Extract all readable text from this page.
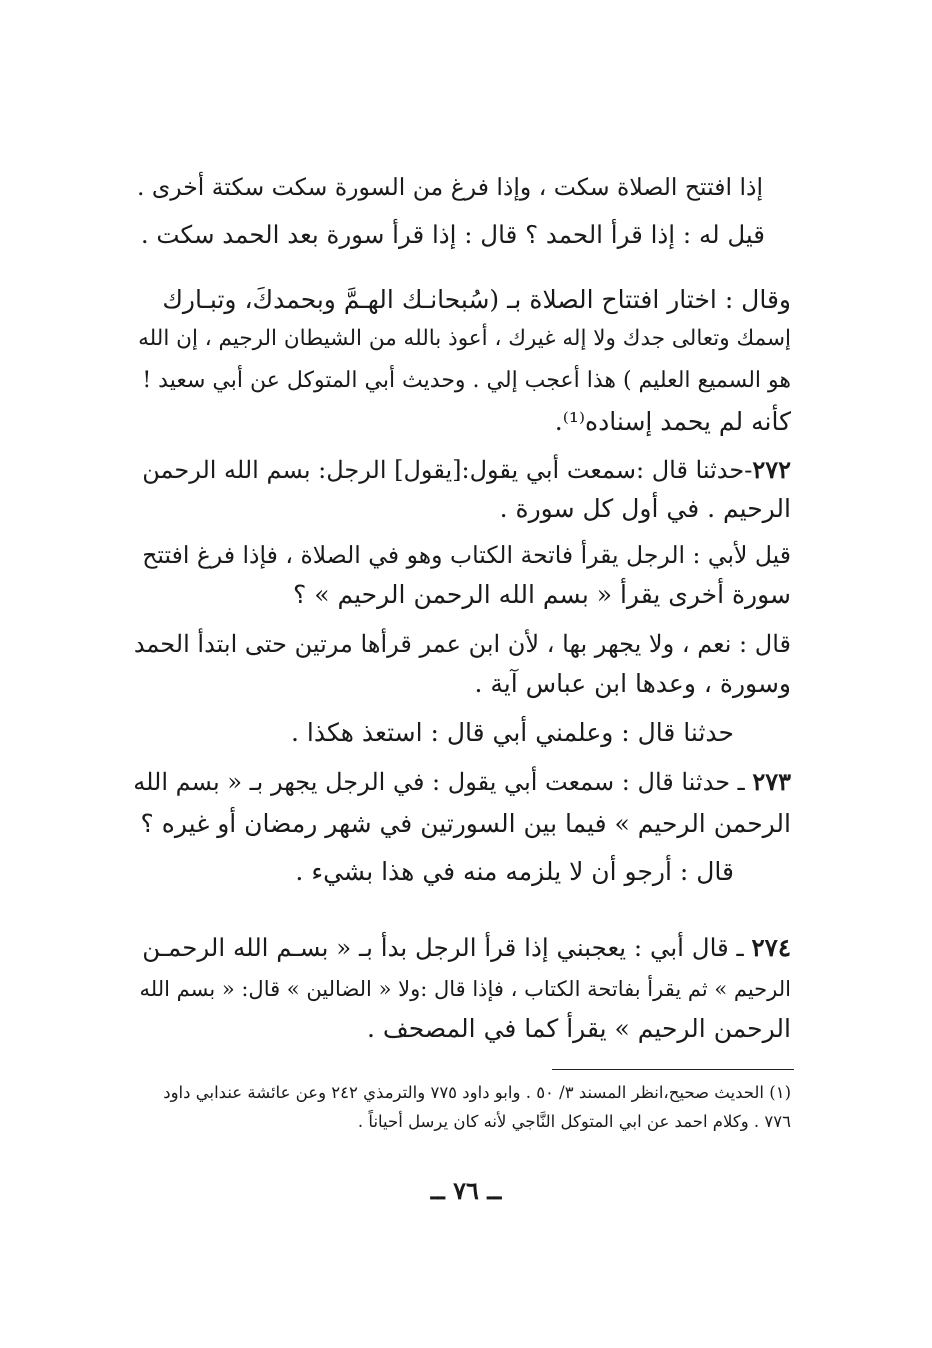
إذا افتتح الصلاة سكت ، وإذا فرغ من السورة سكت سكتة أخرى .
قيل له : إذا قرأ الحمد ؟ قال : إذا قرأ سورة بعد الحمد سكت .
وقال : اختار افتتاح الصلاة بـ (سُبحانـك الهـمَّ وبحمدكَ، وتبـارك
إسمك وتعالى جدك ولا إله غيرك ، أعوذ بالله من الشيطان الرجيم ، إن الله
هو السميع العليم ) هذا أعجب إلي . وحديث أبي المتوكل عن أبي سعيد !
كأنه لم يحمد إسناده⁽¹⁾.
٢٧٢-حدثنا قال :سمعت أبي يقول:[يقول] الرجل: بسم الله الرحمن
الرحيم . في أول كل سورة .
قيل لأبي : الرجل يقرأ فاتحة الكتاب وهو في الصلاة ، فإذا فرغ افتتح
سورة أخرى يقرأ « بسم الله الرحمن الرحيم » ؟
قال : نعم ، ولا يجهر بها ، لأن ابن عمر قرأها مرتين حتى ابتدأ الحمد
وسورة ، وعدها ابن عباس آية .
حدثنا قال : وعلمني أبي قال : استعذ هكذا .
٢٧٣ ـ حدثنا قال : سمعت أبي يقول : في الرجل يجهر بـ « بسم الله
الرحمن الرحيم » فيما بين السورتين في شهر رمضان أو غيره ؟
قال : أرجو أن لا يلزمه منه في هذا بشيء .
٢٧٤ ـ قال أبي : يعجبني إذا قرأ الرجل بدأ بـ « بسـم الله الرحمـن
الرحيم » ثم يقرأ بفاتحة الكتاب ، فإذا قال :ولا « الضالين » قال: « بسم الله
الرحمن الرحيم » يقرأ كما في المصحف .
(١) الحديث صحيح،انظر المسند ٣/ ٥٠ . وابو داود ٧٧٥ والترمذي ٢٤٢ وعن عائشة عندابي داود
٧٧٦ . وكلام احمد عن ابي المتوكل النَّاجي لأنه كان يرسل أحياناً .
ــ ٧٦ ــ
